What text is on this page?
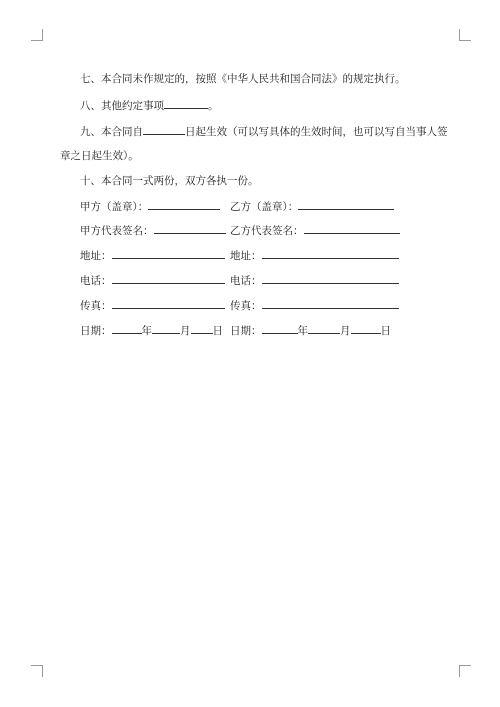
七、本合同未作规定的，按照《中华人民共和国合同法》的规定执行。
八、其他约定事项	。
九、本合同自	日起生效（可以写具体的生效时间，也可以写自当事人签
章之日起生效）。
十、本合同一式两份，双方各执一份。
甲方（盖章）：	乙方（盖章）：
甲方代表签名：	乙方代表签名：
地址：	地址：
电话：	电话：
传真：	传真：
日期：	年	月 日 日期：	年	月	日
